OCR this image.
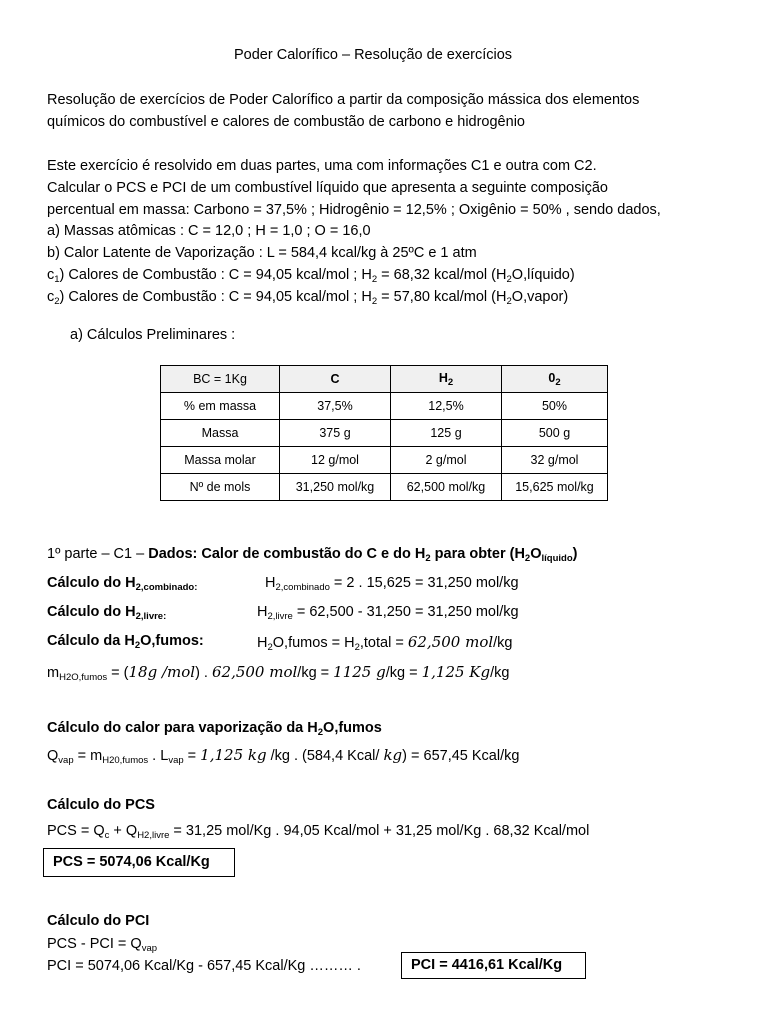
Poder Calorífico – Resolução de exercícios
Resolução de exercícios de Poder Calorífico a partir da composição mássica dos elementos
químicos do combustível e calores de combustão de carbono e hidrogênio
Este exercício é resolvido em duas partes, uma com informações C1 e outra com C2.
Calcular o PCS e PCI de um combustível líquido que apresenta a seguinte composição
percentual em massa: Carbono = 37,5% ; Hidrogênio = 12,5% ; Oxigênio = 50% , sendo dados,
a) Massas atômicas : C = 12,0 ; H = 1,0 ; O = 16,0
b) Calor Latente de Vaporização : L = 584,4 kcal/kg à 25ºC e 1 atm
$c_1$) Calores de Combustão : C = 94,05 kcal/mol ; $H_2 = 68,32$ kcal/mol $(H_2O,líquido)$
$c_2$) Calores de Combustão : C = 94,05 kcal/mol ; $H_2 = 57,80$ kcal/mol $(H_2O,vapor)$
a) Cálculos Preliminares :
BC = 1Kg	C	$H_2$	$0_2$
% em massa	37,5%	12,5%	50%
Massa	375 g	125 g	500 g
Massa molar	12 g/mol	2 g/mol	32 g/mol
Nº de mols	31,250 mol/kg	62,500 mol/kg	15,625 mol/kg
1º parte – C1 – Dados: Calor de combustão do C e do $H_2$ para obter $(H_2O_{líquido})$
Cálculo do $H_{2,combinado:}$	$H_{2,combinado} = 2$ . 15,625 = 31,250 mol/kg
Cálculo do $H_{2,livre:}$	$H_{2,livre} = 62,500 - 31,250 = 31,250$ mol/kg
Cálculo da $H_2O,fumos$:	$H_2O,fumos$ = $H_2,total = 62,500$ mol/kg
$m_{H2O,fumos} = (18g$ /mol) . 62,500 mol/kg = 1125 g/kg = 1,125 Kg/kg
Cálculo do calor para vaporização da $H_2O,fumos$
$Q_{vap} = m_{H20,fumos}$ . $L_{vap} = 1,125$ kg /kg . (584,4 Kcal/ kg) = 657,45 Kcal/kg
Cálculo do PCS
PCS = $Q_c + Q_{H2,livre} = 31,25$ mol/Kg . 94,05 Kcal/mol + 31,25 mol/Kg . 68,32 Kcal/mol
PCS = 5074,06 Kcal/Kg
Cálculo do PCI
PCS - PCI = $Q_{vap}$
PCI = 5074,06 Kcal/Kg - 657,45 Kcal/Kg ……… .	PCI = 4416,61 Kcal/Kg
